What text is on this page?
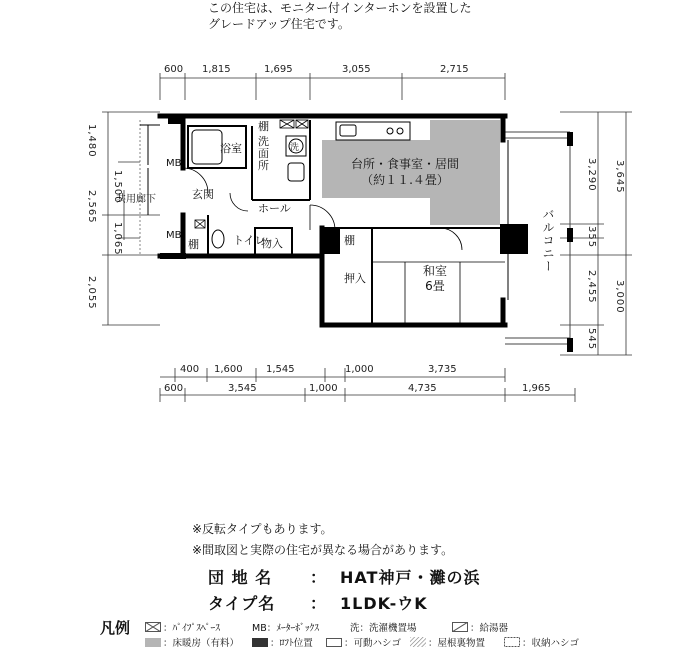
この住宅は、モニター付インターホンを設置した
グレードアップ住宅です。
600 1,815	1,695	3,055	2,715
400 1,600 1,545	1,000	3,735
600	3,545	1,000	4,735	1,965
1,480
1,500
2,565
1,065
2,055
3,290 3,645
355
2,455 3,000
545
浴室
洗
面
所
洗
棚
台所・食事室・居間
（約１１.４畳）
玄関
ホール
トイレ
物入
棚	棚
押入
和室
6畳
バルコニー
共用廊下
MB
MB
※反転タイプもあります。
※間取図と実際の住宅が異なる場合があります。
団 地 名 ： HAT神戸・灘の浜
タイプ名 ： 1LDK-ウK
凡例	：ﾊﾟｲﾌﾟｽﾍﾟｰｽ	MB：ﾒｰﾀｰﾎﾞｯｸｽ	洗：洗濯機置場	：給湯器
：床暖房（有料）	：ﾛﾌﾄ位置	：可動ハシゴ	：屋根裏物置	：収納ハシゴ
